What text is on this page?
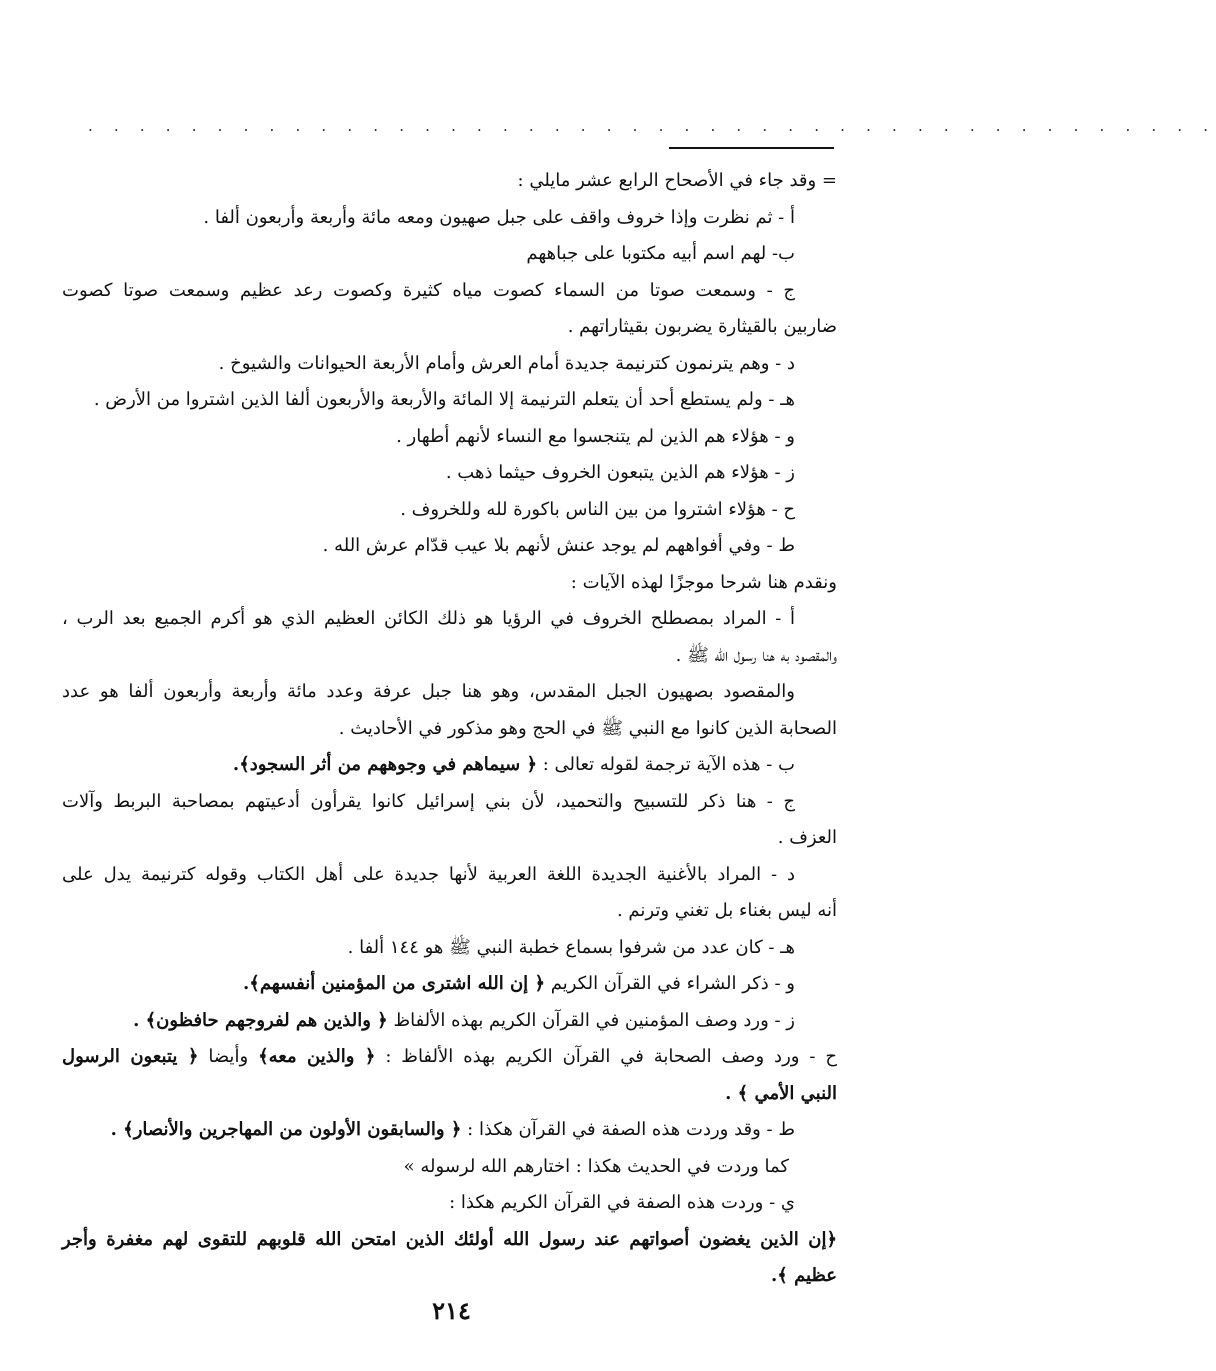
. . . . . . . . . . . . . . . . . . . . . . . . . . . . . . . . . . . . . . . . . . . .
= وقد جاء في الأصحاح الرابع عشر مايلي :
أ - ثم نظرت وإذا خروف واقف على جبل صهيون ومعه مائة وأربعة وأربعون ألفا .
ب- لهم اسم أبيه مكتوبا على جباههم
ج - وسمعت صوتا من السماء كصوت مياه كثيرة وكصوت رعد عظيم وسمعت صوتا كصوت
ضاربين بالقيثارة يضربون بقيثاراتهم .
د - وهم يترنمون كترنيمة جديدة أمام العرش وأمام الأربعة الحيوانات والشيوخ .
هـ - ولم يستطع أحد أن يتعلم الترنيمة إلا المائة والأربعة والأربعون ألفا الذين اشتروا من الأرض .
و - هؤلاء هم الذين لم يتنجسوا مع النساء لأنهم أطهار .
ز - هؤلاء هم الذين يتبعون الخروف حيثما ذهب .
ح - هؤلاء اشتروا من بين الناس باكورة لله وللخروف .
ط - وفي أفواههم لم يوجد عنش لأنهم بلا عيب قدّام عرش الله .
ونقدم هنا شرحا موجزًا لهذه الآيات :
أ - المراد بمصطلح الخروف في الرؤيا هو ذلك الكائن العظيم الذي هو أكرم الجميع بعد الرب ،
والمقصود به هنا رسول الله ﷺ .
والمقصود بصهيون الجبل المقدس، وهو هنا جبل عرفة وعدد مائة وأربعة وأربعون ألفا هو عدد
الصحابة الذين كانوا مع النبي ﷺ في الحج وهو مذكور في الأحاديث .
ب - هذه الآية ترجمة لقوله تعالى : ﴿ سيماهم في وجوههم من أثر السجود﴾.
ج - هنا ذكر للتسبيح والتحميد، لأن بني إسرائيل كانوا يقرأون أدعيتهم بمصاحبة البربط وآلات
العزف .
د - المراد بالأغنية الجديدة اللغة العربية لأنها جديدة على أهل الكتاب وقوله كترنيمة يدل على
أنه ليس بغناء بل تغني وترنم .
هـ - كان عدد من شرفوا بسماع خطبة النبي ﷺ هو ١٤٤ ألفا .
و - ذكر الشراء في القرآن الكريم ﴿ إن الله اشترى من المؤمنين أنفسهم﴾.
ز - ورد وصف المؤمنين في القرآن الكريم بهذه الألفاظ ﴿ والذين هم لفروجهم حافظون﴾ .
ح - ورد وصف الصحابة في القرآن الكريم بهذه الألفاظ : ﴿ والذين معه﴾ وأيضا ﴿ يتبعون الرسول
النبي الأمي ﴾ .
ط - وقد وردت هذه الصفة في القرآن هكذا : ﴿ والسابقون الأولون من المهاجرين والأنصار﴾ .
كما وردت في الحديث هكذا : اختارهم الله لرسوله »
ي - وردت هذه الصفة في القرآن الكريم هكذا :
﴿إن الذين يغضون أصواتهم عند رسول الله أولئك الذين امتحن الله قلوبهم للتقوى لهم مغفرة وأجر
عظيم ﴾.
٢١٤
